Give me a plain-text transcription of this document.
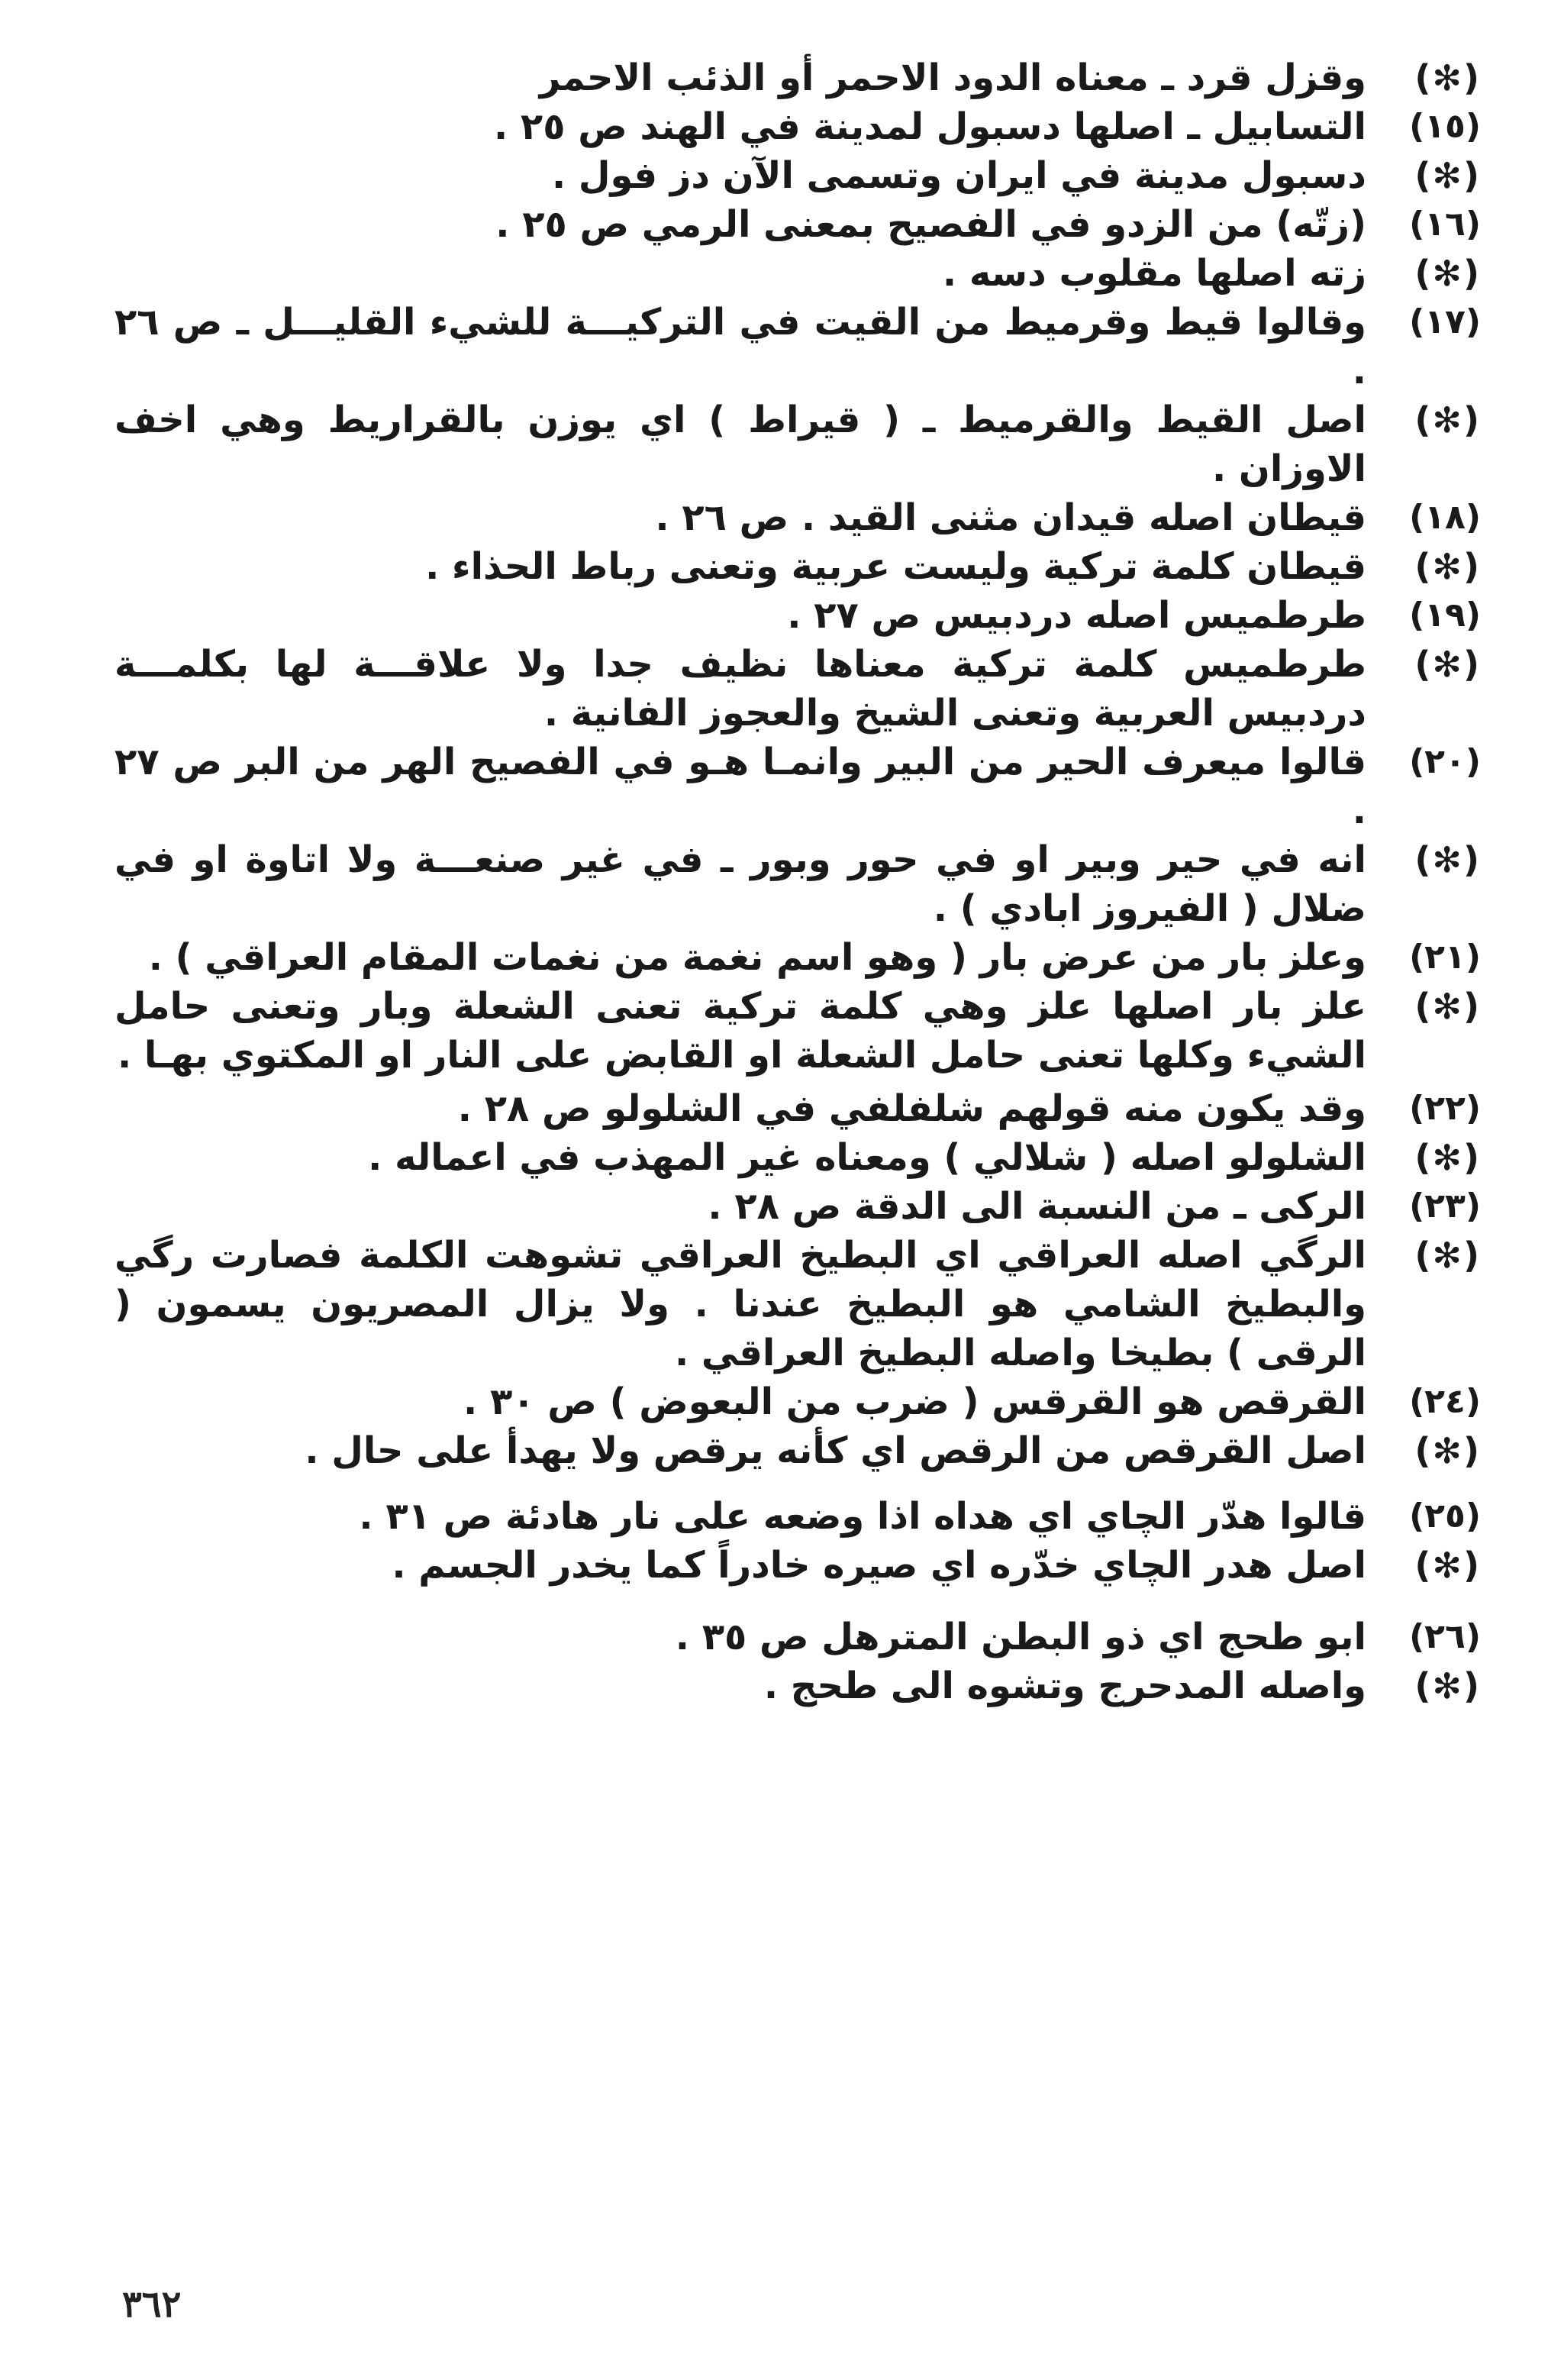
(✻)
وقزل قرد ـ معناه الدود الاحمر أو الذئب الاحمر
(١٥)
التسابيل ـ اصلها دسبول لمدينة في الهند ص ٢٥ .
(✻)
دسبول مدينة في ايران وتسمى الآن دز فول .
(١٦)
(زتّه) من الزدو في الفصيح بمعنى الرمي ص ٢٥ .
(✻)
زته اصلها مقلوب دسه .
(١٧)
وقالوا قيط وقرميط من القيت في التركيـــة للشيء القليـــل ـ ص ٢٦ .
(✻)
اصل القيط والقرميط ـ ( قيراط ) اي يوزن بالقراريط وهي اخف الاوزان .
(١٨)
قيطان اصله قيدان مثنى القيد . ص ٢٦ .
(✻)
قيطان كلمة تركية وليست عربية وتعنى رباط الحذاء .
(١٩)
طرطميس اصله دردبيس ص ٢٧ .
(✻)
طرطميس كلمة تركية معناها نظيف جدا ولا علاقـــة لها بكلمـــة دردبيس العربية وتعنى الشيخ والعجوز الفانية .
(٢٠)
قالوا ميعرف الحير من البير وانمـا هـو في الفصيح الهر من البر ص ٢٧ .
(✻)
انه في حير وبير او في حور وبور ـ في غير صنعـــة ولا اتاوة او في ضلال ( الفيروز ابادي ) .
(٢١)
وعلز بار من عرض بار ( وهو اسم نغمة من نغمات المقام العراقي ) .
(✻)
علز بار اصلها علز وهي كلمة تركية تعنى الشعلة وبار وتعنى حامل الشيء وكلها تعنى حامل الشعلة او القابض على النار او المكتوي بهـا .
(٢٢)
وقد يكون منه قولهم شلفلفي في الشلولو ص ٢٨ .
(✻)
الشلولو اصله ( شلالي ) ومعناه غير المهذب في اعماله .
(٢٣)
الركى ـ من النسبة الى الدقة ص ٢٨ .
(✻)
الرگي اصله العراقي اي البطيخ العراقي تشوهت الكلمة فصارت رگي والبطيخ الشامي هو البطيخ عندنا . ولا يزال المصريون يسمون ( الرقى ) بطيخا واصله البطيخ العراقي .
(٢٤)
القرقص هو القرقس ( ضرب من البعوض ) ص ٣٠ .
(✻)
اصل القرقص من الرقص اي كأنه يرقص ولا يهدأ على حال .
(٢٥)
قالوا هدّر الچاي اي هداه اذا وضعه على نار هادئة ص ٣١ .
(✻)
اصل هدر الچاي خدّره اي صيره خادراً كما يخدر الجسم .
(٢٦)
ابو طحج اي ذو البطن المترهل ص ٣٥ .
(✻)
واصله المدحرج وتشوه الى طحج .
٣٦٢
